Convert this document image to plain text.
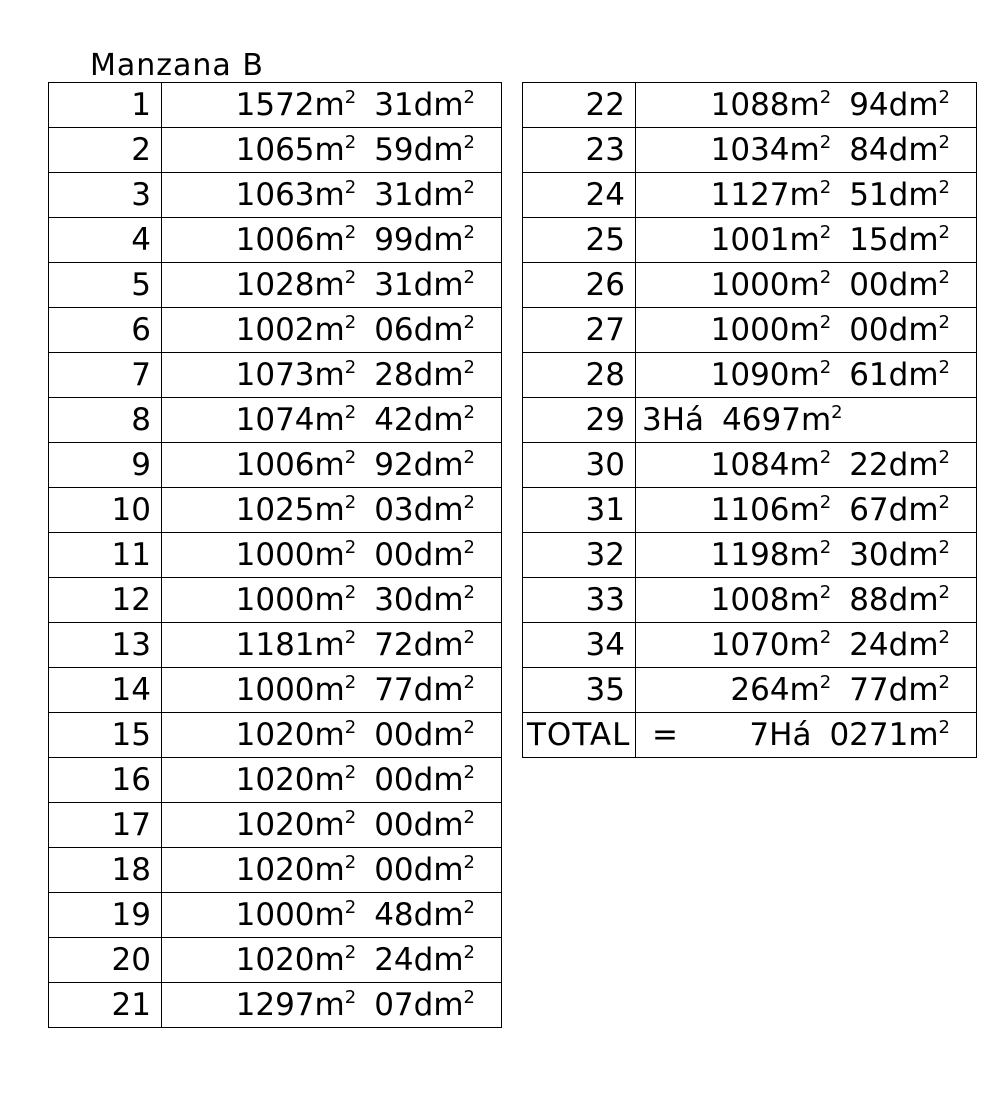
Manzana B
1	$1572m^2$ $31dm^2$
2	$1065m^2$ $59dm^2$
3	$1063m^2$ $31dm^2$
4	$1006m^2$ $99dm^2$
5	$1028m^2$ $31dm^2$
6	$1002m^2$ $06dm^2$
7	$1073m^2$ $28dm^2$
8	$1074m^2$ $42dm^2$
9	$1006m^2$ $92dm^2$
10	$1025m^2$ $03dm^2$
11	$1000m^2$ $00dm^2$
12	$1000m^2$ $30dm^2$
13	$1181m^2$ $72dm^2$
14	$1000m^2$ $77dm^2$
15	$1020m^2$ $00dm^2$
16	$1020m^2$ $00dm^2$
17	$1020m^2$ $00dm^2$
18	$1020m^2$ $00dm^2$
19	$1000m^2$ $48dm^2$
20	$1020m^2$ $24dm^2$
21	$1297m^2$ $07dm^2$
22	$1088m^2$ $94dm^2$
23	$1034m^2$ $84dm^2$
24	$1127m^2$ $51dm^2$
25	$1001m^2$ $15dm^2$
26	$1000m^2$ $00dm^2$
27	$1000m^2$ $00dm^2$
28	$1090m^2$ $61dm^2$
29	3Há $4697m^2$
30	$1084m^2$ $22dm^2$
31	$1106m^2$ $67dm^2$
32	$1198m^2$ $30dm^2$
33	$1008m^2$ $88dm^2$
34	$1070m^2$ $24dm^2$
35	$264m^2$ $77dm^2$
TOTAL	= 7Há $0271m^2$
